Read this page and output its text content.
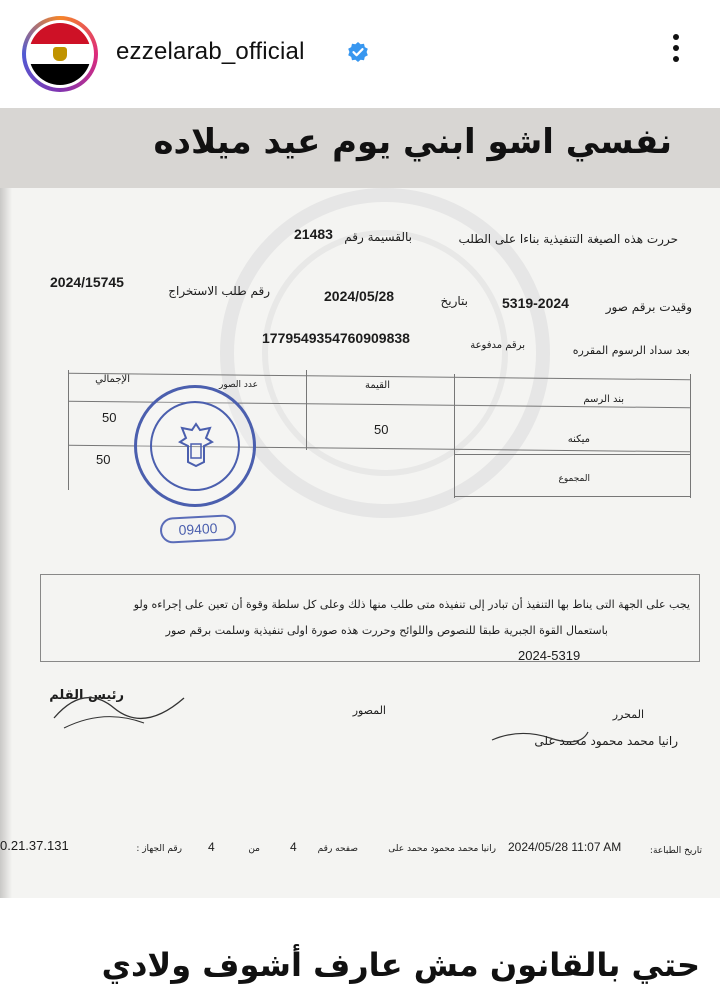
ezzelarab_official
نفسي اشو ابني يوم عيد ميلاده
حررت هذه الصيغة التنفيذية بناءا على الطلب
بالقسيمة رقم
21483
وقيدت برقم صور
5319-2024
بتاريخ
2024/05/28
رقم طلب الاستخراج
2024/15745
بعد سداد الرسوم المقرره
برقم مدفوعة
1779549354760909838
بند الرسم
القيمة
عدد الصور
الإجمالي
ميكنه
50
50
50
المجموع
09400
يجب على الجهة التى يناط بها التنفيذ أن تبادر إلى تنفيذه متى طلب منها ذلك وعلى كل سلطة وقوة أن تعين على إجراءه ولو
باستعمال القوة الجبرية طبقا للنصوص واللوائح وحررت هذه صورة اولى تنفيذية وسلمت برقم صور
2024-5319
رئيس القلم
المصور	المحرر
رانيا محمد محمود محمد على
تاريخ الطباعة:
2024/05/28 11:07 AM
رانيا محمد محمود محمد على
صفحه رقم
4
من
4
رقم الجهاز :
0.21.37.131
حتي بالقانون مش عارف أشوف ولادي
